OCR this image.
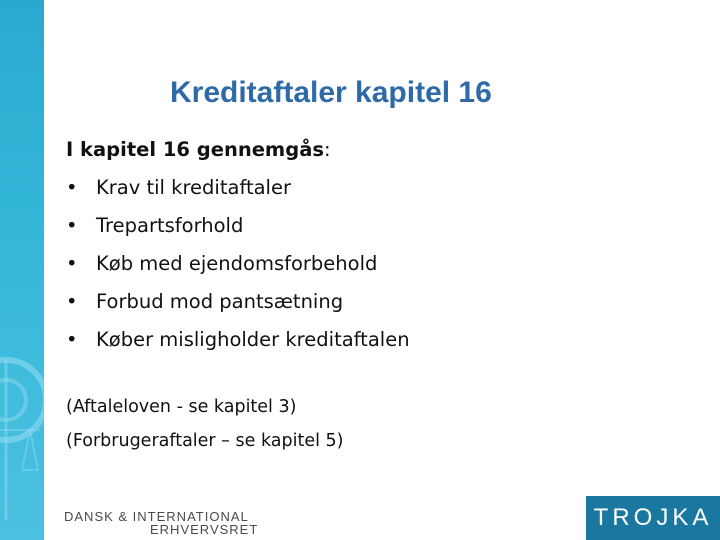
Kreditaftaler kapitel 16
I kapitel 16 gennemgås:
• Krav til kreditaftaler
• Trepartsforhold
• Køb med ejendomsforbehold
• Forbud mod pantsætning
• Køber misligholder kreditaftalen
(Aftaleloven - se kapitel 3)
(Forbrugeraftaler – se kapitel 5)
DANSK & INTERNATIONAL
ERHVERVSRET	TROJKA
